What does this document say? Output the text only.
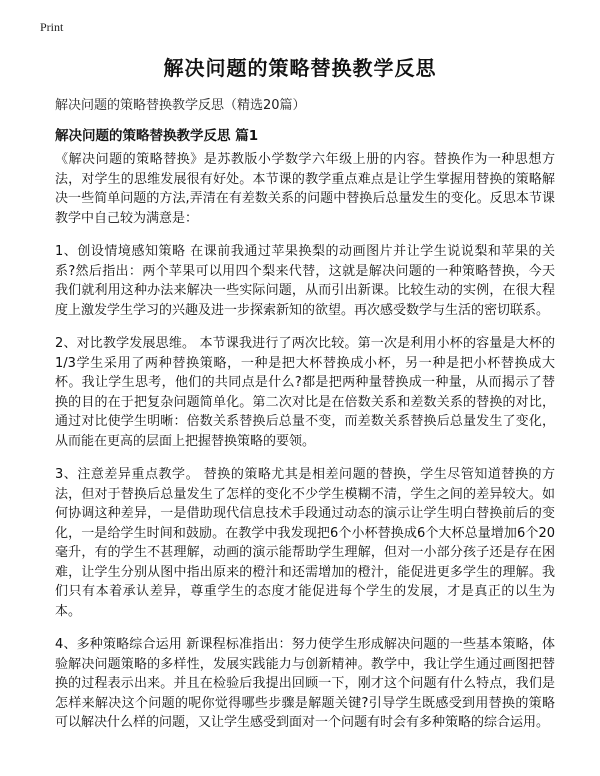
Print
解决问题的策略替换教学反思
解决问题的策略替换教学反思（精选20篇）
解决问题的策略替换教学反思 篇1

《解决问题的策略替换》是苏教版小学数学六年级上册的内容。替换作为一种思想方法，对学生的思维发展很有好处。本节课的教学重点难点是让学生掌握用替换的策略解决一些简单问题的方法,弄清在有差数关系的问题中替换后总量发生的变化。反思本节课教学中自己较为满意是：

1、创设情境感知策略 在课前我通过苹果换梨的动画图片并让学生说说梨和苹果的关系?然后指出：两个苹果可以用四个梨来代替，这就是解决问题的一种策略替换，今天我们就利用这种办法来解决一些实际问题，从而引出新课。比较生动的实例，在很大程度上激发学生学习的兴趣及进一步探索新知的欲望。再次感受数学与生活的密切联系。

2、对比教学发展思维。 本节课我进行了两次比较。第一次是利用小杯的容量是大杯的1/3学生采用了两种替换策略，一种是把大杯替换成小杯，另一种是把小杯替换成大杯。我让学生思考，他们的共同点是什么?都是把两种量替换成一种量，从而揭示了替换的目的在于把复杂问题简单化。第二次对比是在倍数关系和差数关系的替换的对比，通过对比使学生明晰：倍数关系替换后总量不变，而差数关系替换后总量发生了变化，从而能在更高的层面上把握替换策略的要领。

3、注意差异重点教学。 替换的策略尤其是相差问题的替换，学生尽管知道替换的方法，但对于替换后总量发生了怎样的变化不少学生模糊不清，学生之间的差异较大。如何协调这种差异，一是借助现代信息技术手段通过动态的演示让学生明白替换前后的变化，一是给学生时间和鼓励。在教学中我发现把6个小杯替换成6个大杯总量增加6个20毫升，有的学生不甚理解，动画的演示能帮助学生理解，但对一小部分孩子还是存在困难，让学生分别从图中指出原来的橙汁和还需增加的橙汁，能促进更多学生的理解。我们只有本着承认差异，尊重学生的态度才能促进每个学生的发展，才是真正的以生为本。

4、多种策略综合运用 新课程标准指出：努力使学生形成解决问题的一些基本策略，体验解决问题策略的多样性，发展实践能力与创新精神。教学中，我让学生通过画图把替换的过程表示出来。并且在检验后我提出回顾一下，刚才这个问题有什么特点，我们是怎样来解决这个问题的呢你觉得哪些步骤是解题关键?引导学生既感受到用替换的策略可以解决什么样的问题，又让学生感受到面对一个问题有时会有多种策略的综合运用。
